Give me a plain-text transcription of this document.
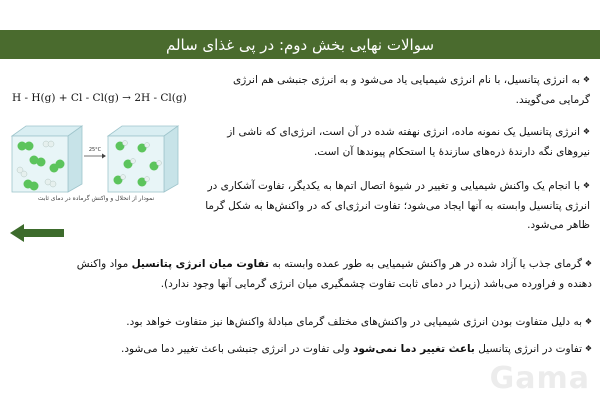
سوالات نهایی بخش دوم: در پی غذای سالم
H - H(g) + Cl - Cl(g) → 2H - Cl(g)
25°C
نمودار از انحلال و واکنش گرماده در دمای ثابت
❖به انرژی پتانسیل، با نام انرژی شیمیایی یاد می‌شود و به انرژی جنبشی هم انرژی گرمایی می‌گویند.
❖انرژی پتانسیل یک نمونه ماده، انرژی نهفته شده در آن است، انرژی‌ای که ناشی از نیروهای نگه دارندهٔ ذره‌های سازندهٔ یا استحکام پیوندها آن است.
❖با انجام یک واکنش شیمیایی و تغییر در شیوهٔ اتصال اتم‌ها به یکدیگر، تفاوت آشکاری در انرژی پتانسیل وابسته به آنها ایجاد می‌شود؛ تفاوت انرژی‌ای که در واکنش‌ها به شکل گرما ظاهر می‌شود.
❖گرمای جذب یا آزاد شده در هر واکنش شیمیایی به طور عمده وابسته به تفاوت میان انرژی پتانسیل مواد واکنش دهنده و فراورده می‌باشد (زیرا در دمای ثابت تفاوت چشمگیری میان انرژی گرمایی آنها وجود ندارد).
❖به دلیل متفاوت بودن انرژی شیمیایی در واکنش‌های مختلف گرمای مبادلهٔ واکنش‌ها نیز متفاوت خواهد بود.
❖تفاوت در انرژی پتانسیل باعث تغییر دما نمی‌شود ولی تفاوت در انرژی جنبشی باعث تغییر دما می‌شود.
Gama
